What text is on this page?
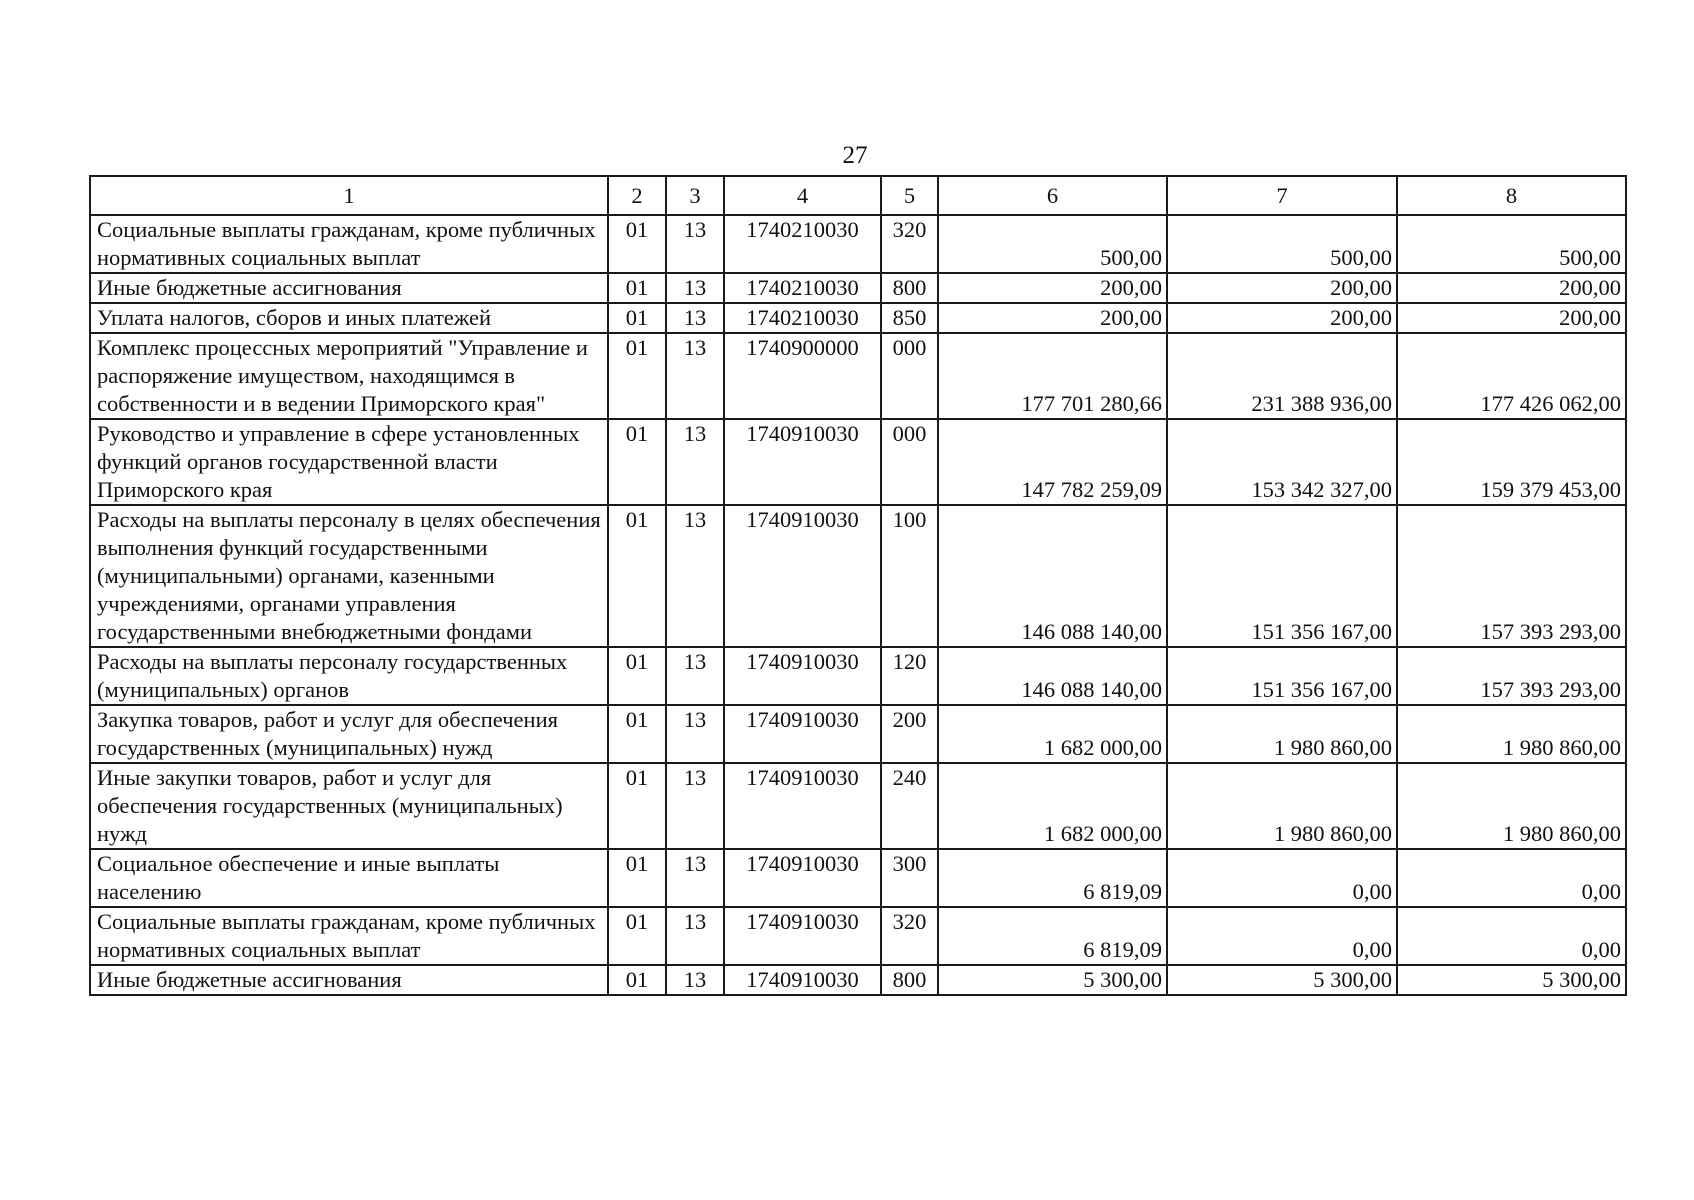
27
1	2	3	4	5	6	7	8
Социальные выплаты гражданам, кроме публичных нормативных социальных выплат	01	13	1740210030	320	500,00	500,00	500,00
Иные бюджетные ассигнования	01	13	1740210030	800	200,00	200,00	200,00
Уплата налогов, сборов и иных платежей	01	13	1740210030	850	200,00	200,00	200,00
Комплекс процессных мероприятий "Управление и распоряжение имуществом, находящимся в собственности и в ведении Приморского края"	01	13	1740900000	000	177 701 280,66	231 388 936,00	177 426 062,00
Руководство и управление в сфере установленных функций органов государственной власти Приморского края	01	13	1740910030	000	147 782 259,09	153 342 327,00	159 379 453,00
Расходы на выплаты персоналу в целях обеспечения выполнения функций государственными (муниципальными) органами, казенными учреждениями, органами управления государственными внебюджетными фондами	01	13	1740910030	100	146 088 140,00	151 356 167,00	157 393 293,00
Расходы на выплаты персоналу государственных (муниципальных) органов	01	13	1740910030	120	146 088 140,00	151 356 167,00	157 393 293,00
Закупка товаров, работ и услуг для обеспечения государственных (муниципальных) нужд	01	13	1740910030	200	1 682 000,00	1 980 860,00	1 980 860,00
Иные закупки товаров, работ и услуг для обеспечения государственных (муниципальных) нужд	01	13	1740910030	240	1 682 000,00	1 980 860,00	1 980 860,00
Социальное обеспечение и иные выплаты населению	01	13	1740910030	300	6 819,09	0,00	0,00
Социальные выплаты гражданам, кроме публичных нормативных социальных выплат	01	13	1740910030	320	6 819,09	0,00	0,00
Иные бюджетные ассигнования	01	13	1740910030	800	5 300,00	5 300,00	5 300,00
